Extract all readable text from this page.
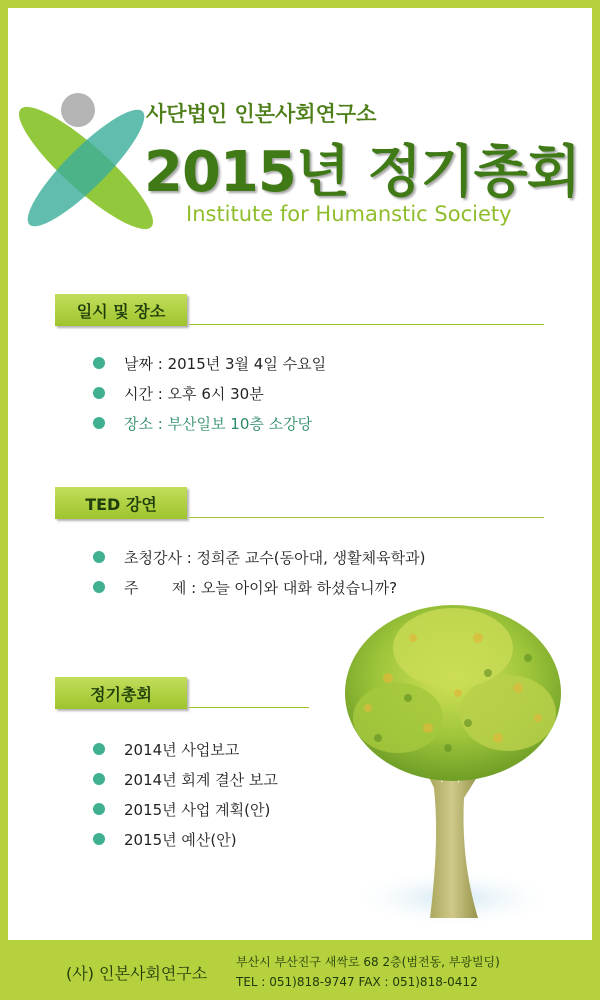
사단법인 인본사회연구소
2015년 정기총회
Institute for Humanstic Society
일시 및 장소
날짜 : 2015년 3월 4일 수요일
시간 : 오후 6시 30분
장소 : 부산일보 10층 소강당
TED 강연
초청강사 : 정희준 교수(동아대, 생활체육학과)
주       제 : 오늘 아이와 대화 하셨습니까?
정기총회
2014년 사업보고
2014년 회계 결산 보고
2015년 사업 계획(안)
2015년 예산(안)
(사) 인본사회연구소
부산시 부산진구 새싹로 68 2층(범전동, 부광빌딩)
TEL : 051)818-9747 FAX : 051)818-0412
